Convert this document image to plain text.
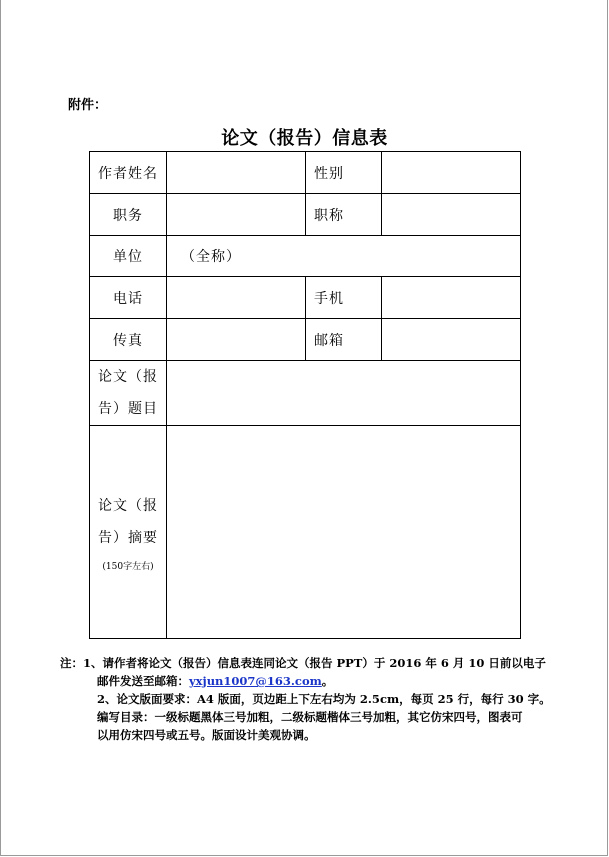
附件：
论文（报告）信息表
作者姓名		性别	
职务		职称	
单位	（全称）		
电话		手机	
传真		邮箱	
论文（报
告）题目			
论文（报
告）摘要
(150字左右)			

注：1、请作者将论文（报告）信息表连同论文（报告 PPT）于 2016 年 6 月 10 日前以电子
邮件发送至邮箱：yxjun1007@163.com。
2、论文版面要求：A4 版面，页边距上下左右均为 2.5cm，每页 25 行，每行 30 字。
编写目录：一级标题黑体三号加粗，二级标题楷体三号加粗，其它仿宋四号，图表可
以用仿宋四号或五号。版面设计美观协调。
